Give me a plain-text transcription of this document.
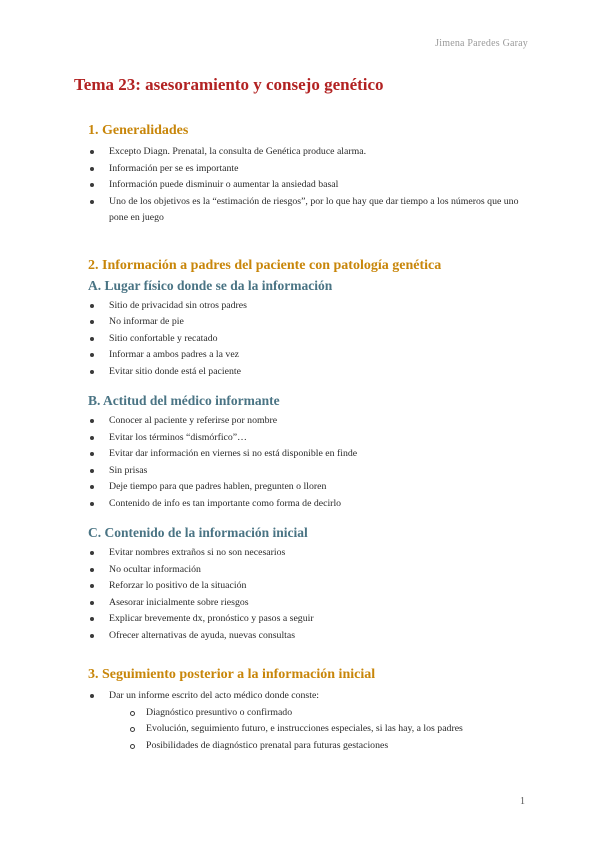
Jimena Paredes Garay
Tema 23: asesoramiento y consejo genético
1. Generalidades
Excepto Diagn. Prenatal, la consulta de Genética produce alarma.
Información per se es importante
Información puede disminuir o aumentar la ansiedad basal
Uno de los objetivos es la “estimación de riesgos”, por lo que hay que dar tiempo a los números que uno pone en juego
2. Información a padres del paciente con patología genética
A. Lugar físico donde se da la información
Sitio de privacidad sin otros padres
No informar de pie
Sitio confortable y recatado
Informar a ambos padres a la vez
Evitar sitio donde está el paciente
B. Actitud del médico informante
Conocer al paciente y referirse por nombre
Evitar los términos “dismórfico”…
Evitar dar información en viernes si no está disponible en finde
Sin prisas
Deje tiempo para que padres hablen, pregunten o lloren
Contenido de info es tan importante como forma de decirlo
C. Contenido de la información inicial
Evitar nombres extraños si no son necesarios
No ocultar información
Reforzar lo positivo de la situación
Asesorar inicialmente sobre riesgos
Explicar brevemente dx, pronóstico y pasos a seguir
Ofrecer alternativas de ayuda, nuevas consultas
3. Seguimiento posterior a la información inicial
Dar un informe escrito del acto médico donde conste:
Diagnóstico presuntivo o confirmado
Evolución, seguimiento futuro, e instrucciones especiales, si las hay, a los padres
Posibilidades de diagnóstico prenatal para futuras gestaciones
1
